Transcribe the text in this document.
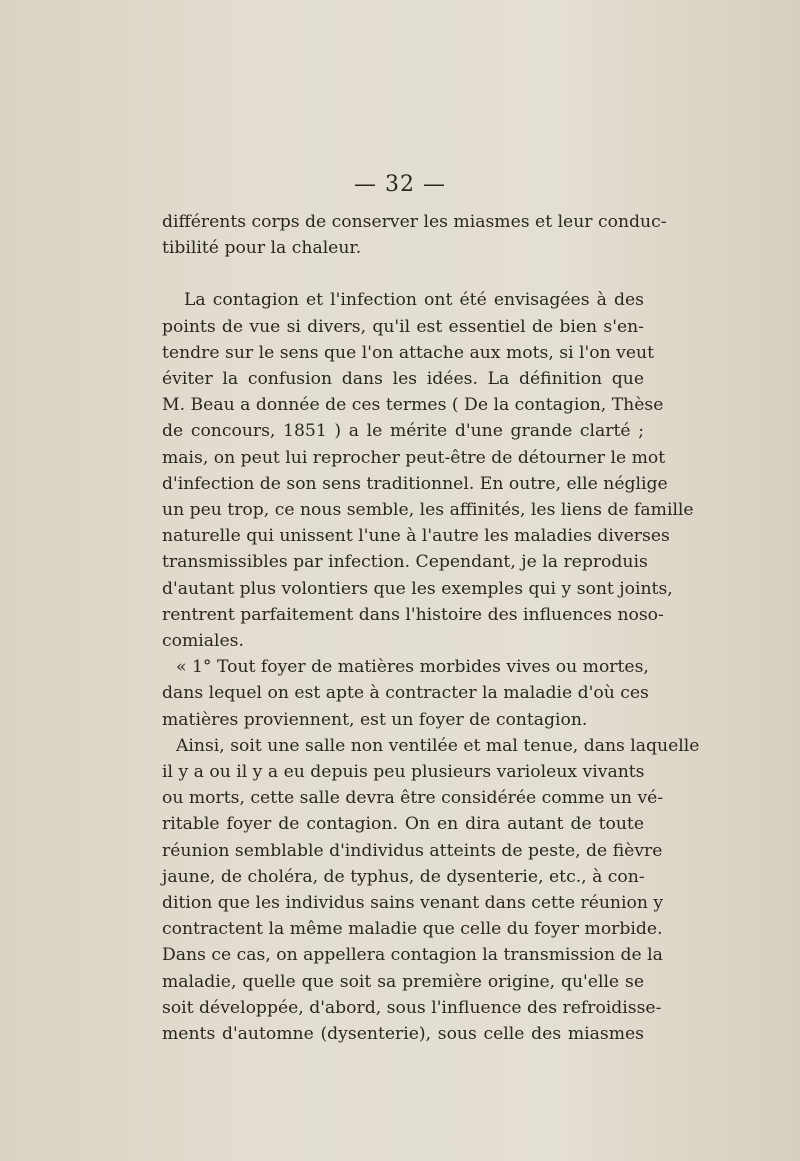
— 32 —
différents corps de conserver les miasmes et leur conduc-
tibilité pour la chaleur.
La contagion et l'infection ont été envisagées à des
points de vue si divers, qu'il est essentiel de bien s'en-
tendre sur le sens que l'on attache aux mots, si l'on veut
éviter la confusion dans les idées. La définition que
M. Beau a donnée de ces termes ( De la contagion, Thèse
de concours, 1851 ) a le mérite d'une grande clarté ;
mais, on peut lui reprocher peut-être de détourner le mot
d'infection de son sens traditionnel. En outre, elle néglige
un peu trop, ce nous semble, les affinités, les liens de famille
naturelle qui unissent l'une à l'autre les maladies diverses
transmissibles par infection. Cependant, je la reproduis
d'autant plus volontiers que les exemples qui y sont joints,
rentrent parfaitement dans l'histoire des influences noso-
comiales.
« 1° Tout foyer de matières morbides vives ou mortes,
dans lequel on est apte à contracter la maladie d'où ces
matières proviennent, est un foyer de contagion.
Ainsi, soit une salle non ventilée et mal tenue, dans laquelle
il y a ou il y a eu depuis peu plusieurs varioleux vivants
ou morts, cette salle devra être considérée comme un vé-
ritable foyer de contagion. On en dira autant de toute
réunion semblable d'individus atteints de peste, de fièvre
jaune, de choléra, de typhus, de dysenterie, etc., à con-
dition que les individus sains venant dans cette réunion y
contractent la même maladie que celle du foyer morbide.
Dans ce cas, on appellera contagion la transmission de la
maladie, quelle que soit sa première origine, qu'elle se
soit développée, d'abord, sous l'influence des refroidisse-
ments d'automne (dysenterie), sous celle des miasmes
